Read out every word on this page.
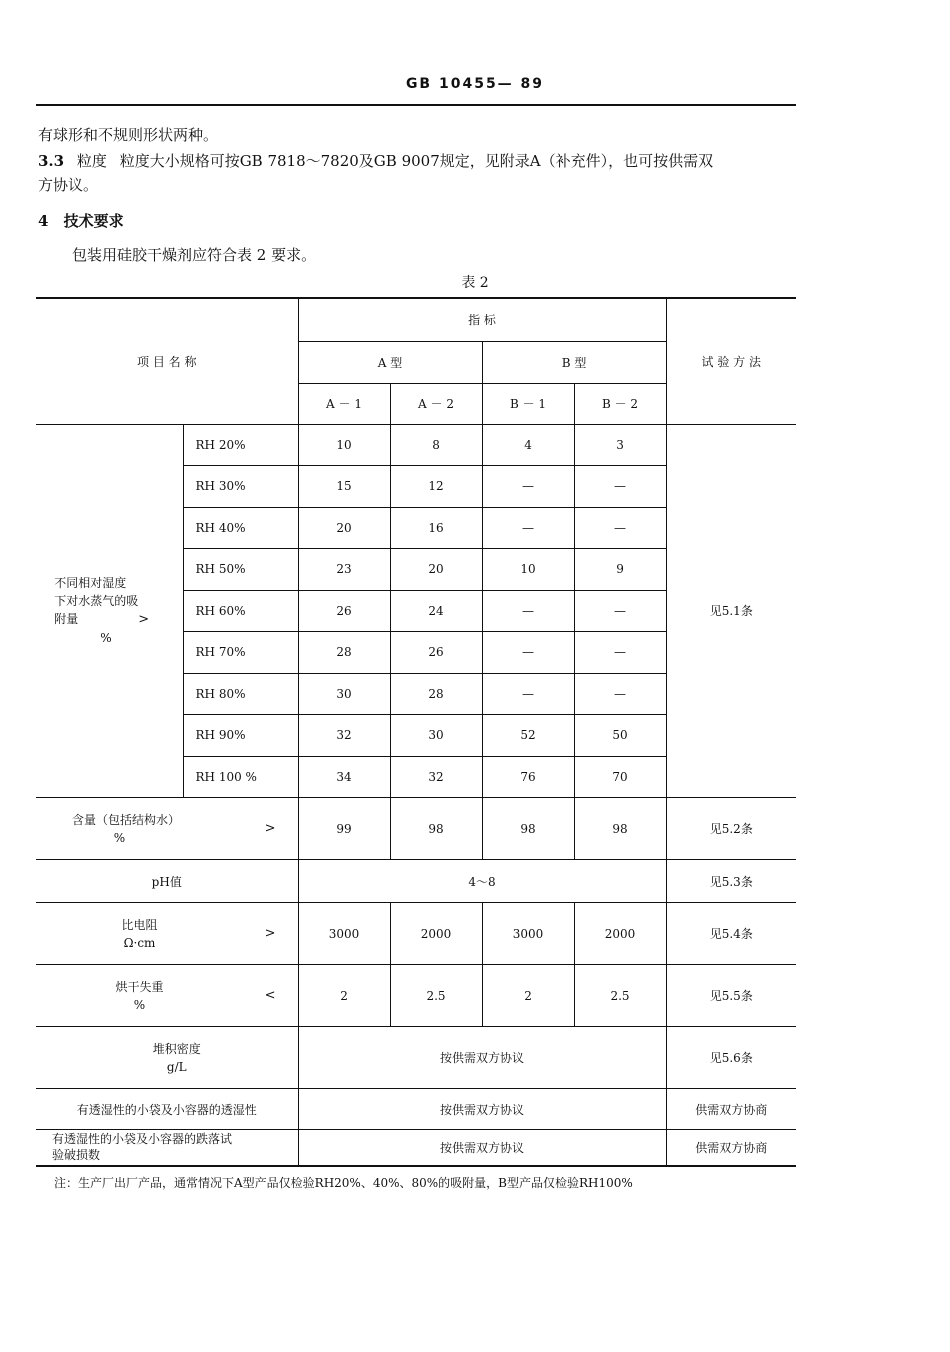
GB 10455— 89
有球形和不规则形状两种。
3.3 粒度 粒度大小规格可按GB 7818～7820及GB 9007规定，见附录A（补充件），也可按供需双
方协议。
4 技术要求
包装用硅胶干燥剂应符合表 2 要求。
表 2
项 目 名 称		指 标				试 验 方 法
		A 型		B 型		
		A － 1	A － 2	B － 1	B － 2	

不同相对湿度
下对水蒸气的吸
附量 >
%	RH 20%	10	8	4	3	见5.1条
	RH 30%	15	12	—	—	
	RH 40%	20	16	—	—	
	RH 50%	23	20	10	9	
	RH 60%	26	24	—	—	
	RH 70%	28	26	—	—	
	RH 80%	30	28	—	—	
	RH 90%	32	30	52	50	
	RH 100 %	34	32	76	70	

含量（包括结构水）
%	>	99	98	98	98	见5.2条
pH值		4～8				见5.3条

比电阻
Ω·cm	>	3000	2000	3000	2000	见5.4条

烘干失重
%	<	2	2.5	2	2.5	见5.5条

堆积密度
g/L		按供需双方协议				见5.6条
有透湿性的小袋及小容器的透湿性		按供需双方协议				供需双方协商

有透湿性的小袋及小容器的跌落试
验破损数		按供需双方协议				供需双方协商
注：生产厂出厂产品，通常情况下A型产品仅检验RH20%、40%、80%的吸附量，B型产品仅检验RH100%
